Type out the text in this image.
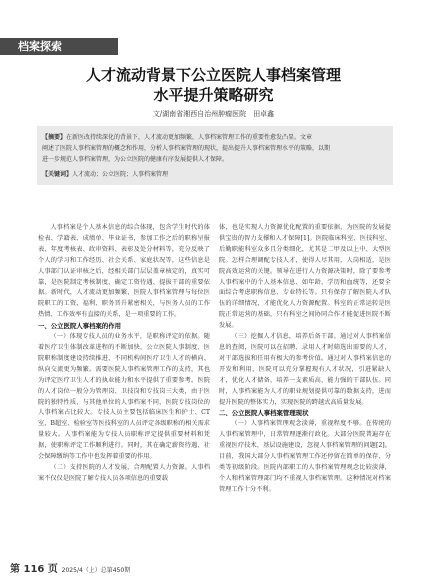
档案探索
人才流动背景下公立医院人事档案管理
水平提升策略研究
文/湖南省湘西自治州肿瘤医院　田卓鑫
【摘要】在新医改持续深化的背景下，人才流动更加频繁，人事档案管理工作的重要性愈发凸显。文章
阐述了医院人事档案管理的概念和作用，分析人事档案管理的现状，提出提升人事档案管理水平的策略，以期
进一步规范人事档案管理，为公立医院的健康有序发展提供人才保障。
【关键词】人才流动；公立医院；人事档案管理

人事档案是个人基本信息的综合体现，包含学生时代的体检表、学籍表、成绩单、毕业证书，参加工作之后的职称呈报表、年度考核表、政审资料、表彰及处分材料等，充分反映了个人的学习和工作经历、社会关系、家庭状况等，这些信息是人事部门认证审核之后，经相关部门层层盖章核定的，真实可靠，是医院制定考核制度、确定工资待遇、提拔干部的重要依据。新时代，人才流动更加频繁，医院人事档案管理与每位医院职工的工资、福利、职务晋升紧密相关，与医务人员的工作热情、工作效率有直接的关系，是一项重要的工作。

一、公立医院人事档案的作用

（一）体现专技人员的业务水平，是职称评定的依据。随着医疗卫生体制改革进程的不断加快，公立医院人事制度、医院职称制度建设持续推进，不同机构间医疗卫生人才的横向、纵向交流更为频繁。需要医院人事档案管理工作的支持，其也为评定医疗卫生人才的执业能力和水平提供了重要参考。医院的人才岗位一般分为管理岗、卫技岗和专技岗三大类，由于医院的独特性质，与其他单位的人事档案不同，医院专技岗位的人事档案占比较大。专技人员主要包括临床医生和护士、CT室、B超室、检验室等医技科室的人员评定各级职称的相关需求量较大。人事档案能为专技人员职称评定提供重要材料和凭据，使职称评定工作顺利进行。同时，其在确定薪资待遇、社会保障缴纳等工作中也发挥着重要的作用。

（二）支持医院的人才发展，合理配置人力资源。人事档案不仅仅是医院了解专技人员各项信息的重要载

体，也是实现人力资源优化配置的重要依据，为医院的发展提供宝贵的智力支撑和人才保障[1]。医院临床科室、医技科室、后勤职能科室众多且分类细化，尤其是二甲及以上中、大型医院。怎样合理调配专技人才，使得人尽其用，人岗相适，是医院高效运营的关键。领导在进行人力资源决策时，除了要参考人事档案中的个人基本信息、如年龄、学历和血统等，还要全面综合考虑职称信息、专业特长等。只有保存了解医院人才队伍的详细情况，才能优化人力资源配置。科室的正常运转是医院正常运营的基础，只有科室之间协同合作才能促进医院不断发展。

（三）挖掘人才信息，培养后备干部。通过对人事档案信息的查阅，医院可以在招聘、录用人才时筛选出需要的人才，对干部选拔和任用有极大的参考价值。通过对人事档案信息的开发和利用，医院可以充分掌握现有人才状况，引进紧缺人才，优化人才储备，培养一支素质高、能力强的干部队伍。同时，人事档案能为人才的职业规划提供可靠的数据支持，进而提升医院的整体实力，实现医院的跨越式高质量发展。

二、公立医院人事档案管理现状

（一）人事档案管理观念淡薄，重视程度不够。在传统的人事档案管理中，日常管理逐渐行政化。大部分医院普遍存在重视医疗技术、基层设施建设，忽视人事档案管理的问题[2]。目前，我国大部分人事档案管理工作还停留在简单的保存、分类等初级阶段。医院内部职工的人事档案管理观念比较淡薄，个人和档案管理部门均不重视人事档案管理。这种情况对档案管理工作十分不利。

第 116 页 2025/4（上）总第450期
